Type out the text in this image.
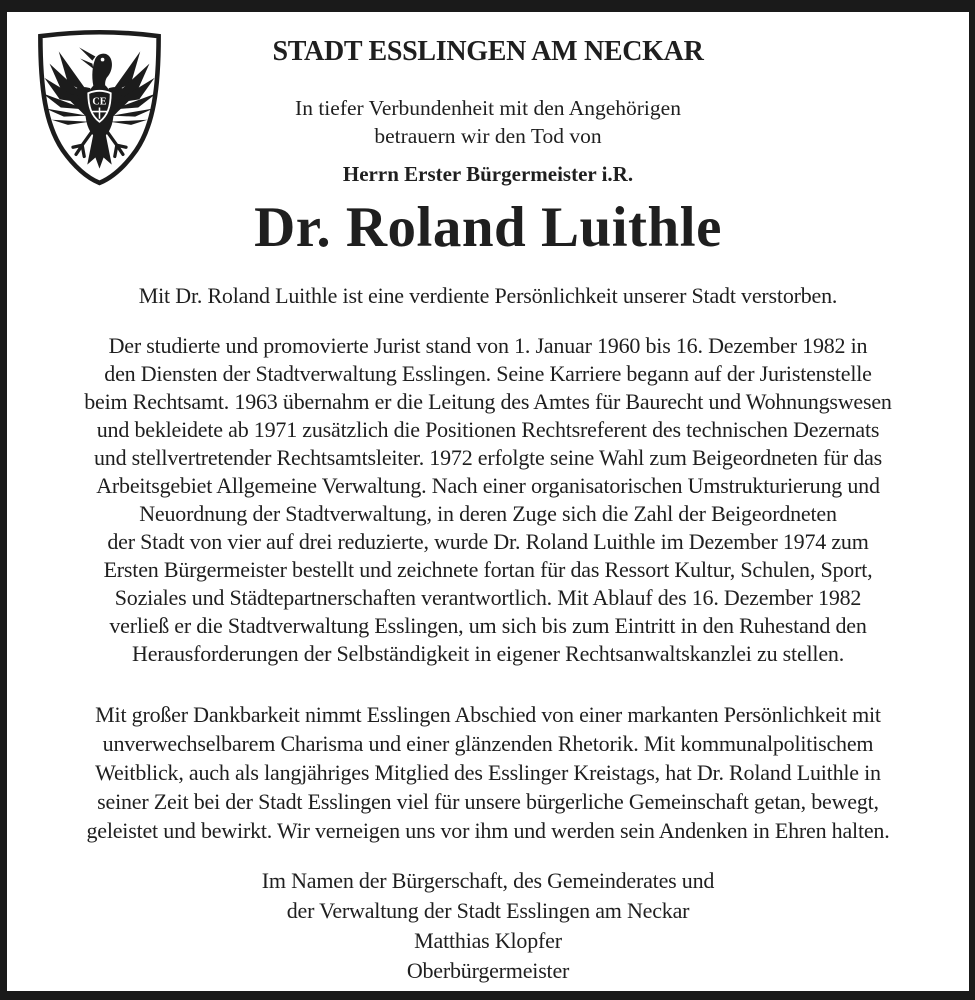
CE
STADT ESSLINGEN AM NECKAR
In tiefer Verbundenheit mit den Angehörigen
betrauern wir den Tod von
Herrn Erster Bürgermeister i.R.
Dr. Roland Luithle
Mit Dr. Roland Luithle ist eine verdiente Persönlichkeit unserer Stadt verstorben.
Der studierte und promovierte Jurist stand von 1. Januar 1960 bis 16. Dezember 1982 in
den Diensten der Stadtverwaltung Esslingen. Seine Karriere begann auf der Juristenstelle
beim Rechtsamt. 1963 übernahm er die Leitung des Amtes für Baurecht und Wohnungswesen
und bekleidete ab 1971 zusätzlich die Positionen Rechtsreferent des technischen Dezernats
und stellvertretender Rechtsamtsleiter. 1972 erfolgte seine Wahl zum Beigeordneten für das
Arbeitsgebiet Allgemeine Verwaltung. Nach einer organisatorischen Umstrukturierung und
Neuordnung der Stadtverwaltung, in deren Zuge sich die Zahl der Beigeordneten
der Stadt von vier auf drei reduzierte, wurde Dr. Roland Luithle im Dezember 1974 zum
Ersten Bürgermeister bestellt und zeichnete fortan für das Ressort Kultur, Schulen, Sport,
Soziales und Städtepartnerschaften verantwortlich. Mit Ablauf des 16. Dezember 1982
verließ er die Stadtverwaltung Esslingen, um sich bis zum Eintritt in den Ruhestand den
Herausforderungen der Selbständigkeit in eigener Rechtsanwaltskanzlei zu stellen.
Mit großer Dankbarkeit nimmt Esslingen Abschied von einer markanten Persönlichkeit mit
unverwechselbarem Charisma und einer glänzenden Rhetorik. Mit kommunalpolitischem
Weitblick, auch als langjähriges Mitglied des Esslinger Kreistags, hat Dr. Roland Luithle in
seiner Zeit bei der Stadt Esslingen viel für unsere bürgerliche Gemeinschaft getan, bewegt,
geleistet und bewirkt. Wir verneigen uns vor ihm und werden sein Andenken in Ehren halten.
Im Namen der Bürgerschaft, des Gemeinderates und
der Verwaltung der Stadt Esslingen am Neckar
Matthias Klopfer
Oberbürgermeister
